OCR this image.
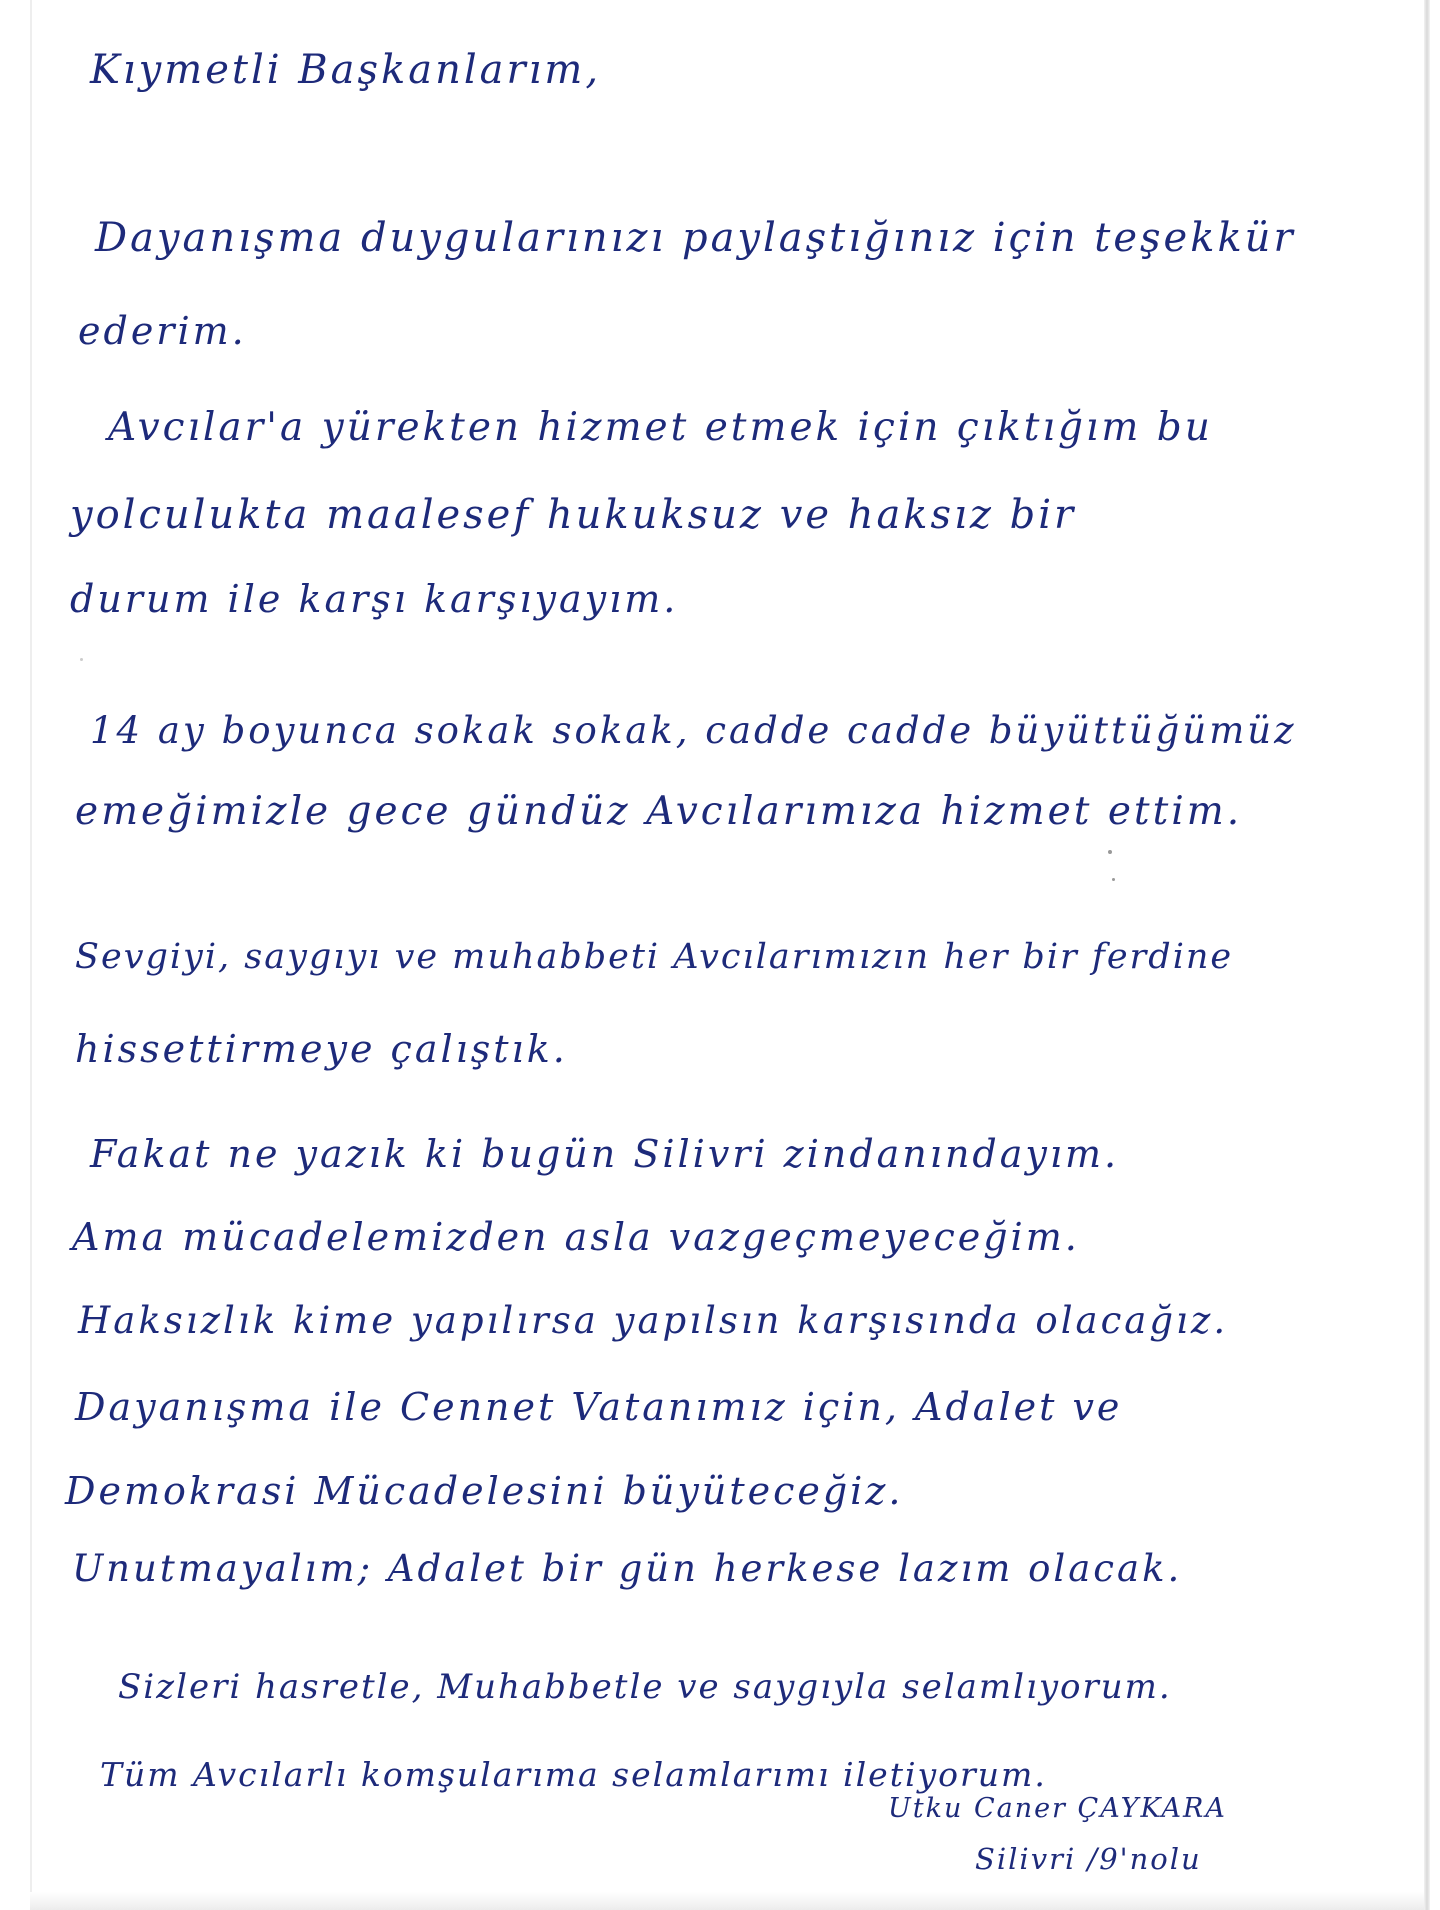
Kıymetli Başkanlarım,
Dayanışma duygularınızı paylaştığınız için teşekkür
ederim.
Avcılar'a yürekten hizmet etmek için çıktığım bu
yolculukta maalesef hukuksuz ve haksız bir
durum ile karşı karşıyayım.
14 ay boyunca sokak sokak, cadde cadde büyüttüğümüz
emeğimizle gece gündüz Avcılarımıza hizmet ettim.
Sevgiyi, saygıyı ve muhabbeti Avcılarımızın her bir ferdine
hissettirmeye çalıştık.
Fakat ne yazık ki bugün Silivri zindanındayım.
Ama mücadelemizden asla vazgeçmeyeceğim.
Haksızlık kime yapılırsa yapılsın karşısında olacağız.
Dayanışma ile Cennet Vatanımız için, Adalet ve
Demokrasi Mücadelesini büyüteceğiz.
Unutmayalım; Adalet bir gün herkese lazım olacak.
Sizleri hasretle, Muhabbetle ve saygıyla selamlıyorum.
Tüm Avcılarlı komşularıma selamlarımı iletiyorum.
Utku Caner ÇAYKARA
Silivri /9'nolu
